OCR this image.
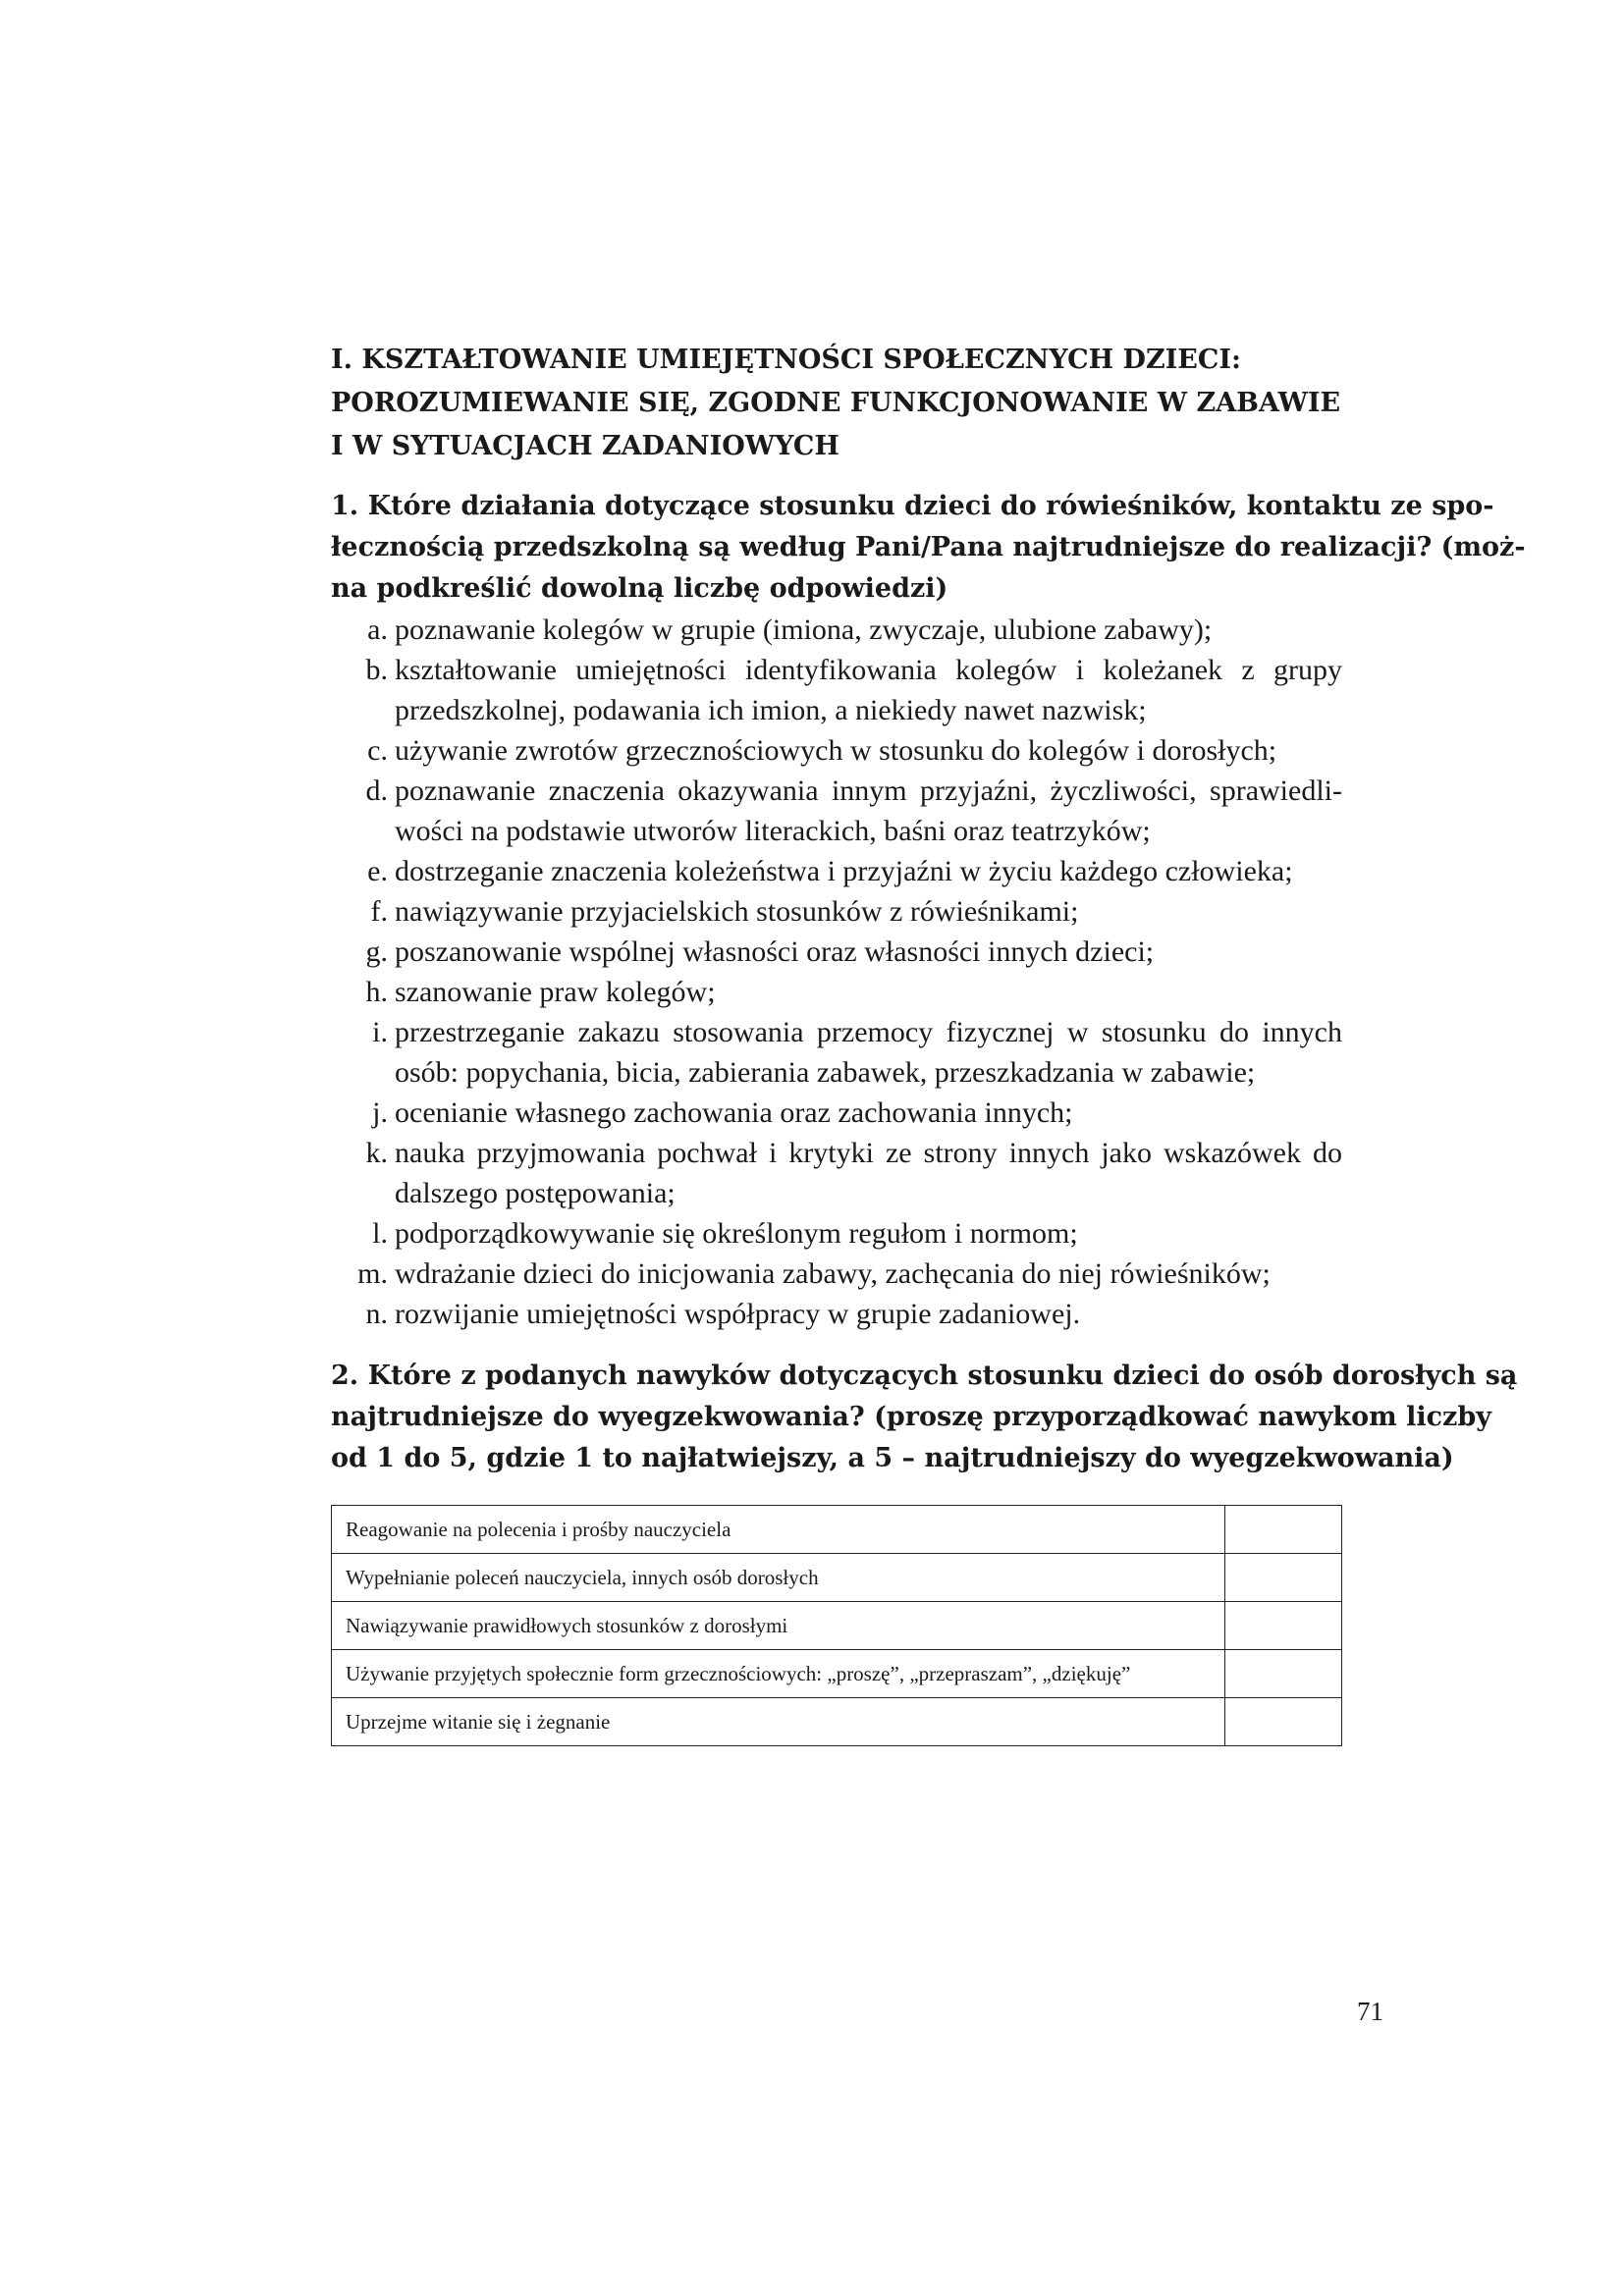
I. KSZTAŁTOWANIE UMIEJĘTNOŚCI SPOŁECZNYCH DZIECI:
POROZUMIEWANIE SIĘ, ZGODNE FUNKCJONOWANIE W ZABAWIE
I W SYTUACJACH ZADANIOWYCH
1. Które działania dotyczące stosunku dzieci do rówieśników, kontaktu ze spo-
łecznością przedszkolną są według Pani/Pana najtrudniejsze do realizacji? (moż-
na podkreślić dowolną liczbę odpowiedzi)
a. poznawanie kolegów w grupie (imiona, zwyczaje, ulubione zabawy);
b. kształtowanie umiejętności identyfikowania kolegów i koleżanek z grupy przedszkolnej, podawania ich imion, a niekiedy nawet nazwisk;
c. używanie zwrotów grzecznościowych w stosunku do kolegów i dorosłych;
d. poznawanie znaczenia okazywania innym przyjaźni, życzliwości, sprawiedli-wości na podstawie utworów literackich, baśni oraz teatrzyków;
e. dostrzeganie znaczenia koleżeństwa i przyjaźni w życiu każdego człowieka;
f. nawiązywanie przyjacielskich stosunków z rówieśnikami;
g. poszanowanie wspólnej własności oraz własności innych dzieci;
h. szanowanie praw kolegów;
i. przestrzeganie zakazu stosowania przemocy fizycznej w stosunku do innych osób: popychania, bicia, zabierania zabawek, przeszkadzania w zabawie;
j. ocenianie własnego zachowania oraz zachowania innych;
k. nauka przyjmowania pochwał i krytyki ze strony innych jako wskazówek do dalszego postępowania;
l. podporządkowywanie się określonym regułom i normom;
m. wdrażanie dzieci do inicjowania zabawy, zachęcania do niej rówieśników;
n. rozwijanie umiejętności współpracy w grupie zadaniowej.
2. Które z podanych nawyków dotyczących stosunku dzieci do osób dorosłych są
najtrudniejsze do wyegzekwowania? (proszę przyporządkować nawykom liczby
od 1 do 5, gdzie 1 to najłatwiejszy, a 5 – najtrudniejszy do wyegzekwowania)
Reagowanie na polecenia i prośby nauczyciela	
Wypełnianie poleceń nauczyciela, innych osób dorosłych	
Nawiązywanie prawidłowych stosunków z dorosłymi	
Używanie przyjętych społecznie form grzecznościowych: „proszę”, „przepraszam”, „dziękuję”	
Uprzejme witanie się i żegnanie	
71
